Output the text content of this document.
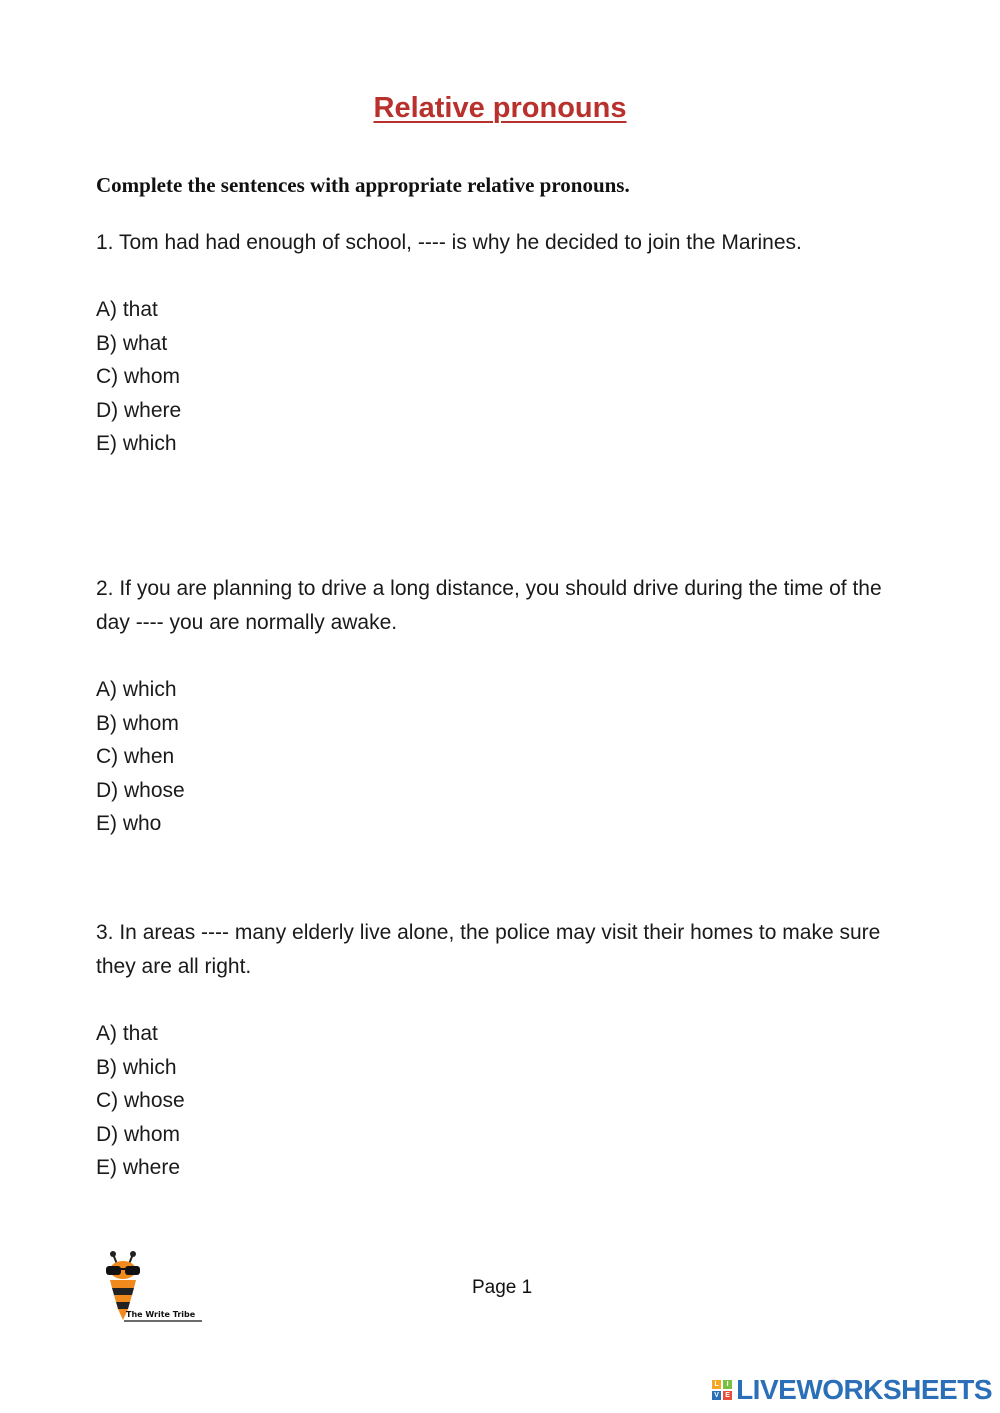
Relative pronouns
Complete the sentences with appropriate relative pronouns.

1. Tom had had enough of school, ---- is why he decided to join the Marines.

A) that
B) what
C) whom
D) where
E) which

2. If you are planning to drive a long distance, you should drive during the time of the day ---- you are normally awake.

A) which
B) whom
C) when
D) whose
E) who

3. In areas ---- many elderly live alone, the police may visit their homes to make sure they are all right.

A) that
B) which
C) whose
D) whom
E) where
The Write Tribe
Page 1
L	I
V E LIVEWORKSHEETS
